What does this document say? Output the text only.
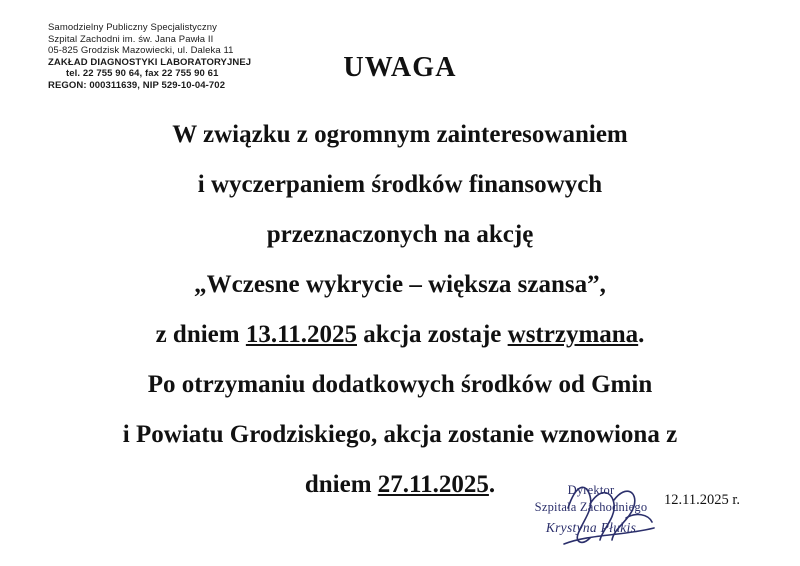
Samodzielny Publiczny Specjalistyczny
Szpital Zachodni im. św. Jana Pawła II
05-825 Grodzisk Mazowiecki, ul. Daleka 11
ZAKŁAD DIAGNOSTYKI LABORATORYJNEJ
tel. 22 755 90 64, fax 22 755 90 61
REGON: 000311639, NIP 529-10-04-702
UWAGA
W związku z ogromnym zainteresowaniem
i wyczerpaniem środków finansowych
przeznaczonych na akcję
„Wczesne wykrycie – większa szansa”,
z dniem 13.11.2025 akcja zostaje wstrzymana.
Po otrzymaniu dodatkowych środków od Gmin
i Powiatu Grodziskiego, akcja zostanie wznowiona z
dniem 27.11.2025.	Dyrektor
Szpitala Zachodniego
Krystyna Płukis
12.11.2025 r.
